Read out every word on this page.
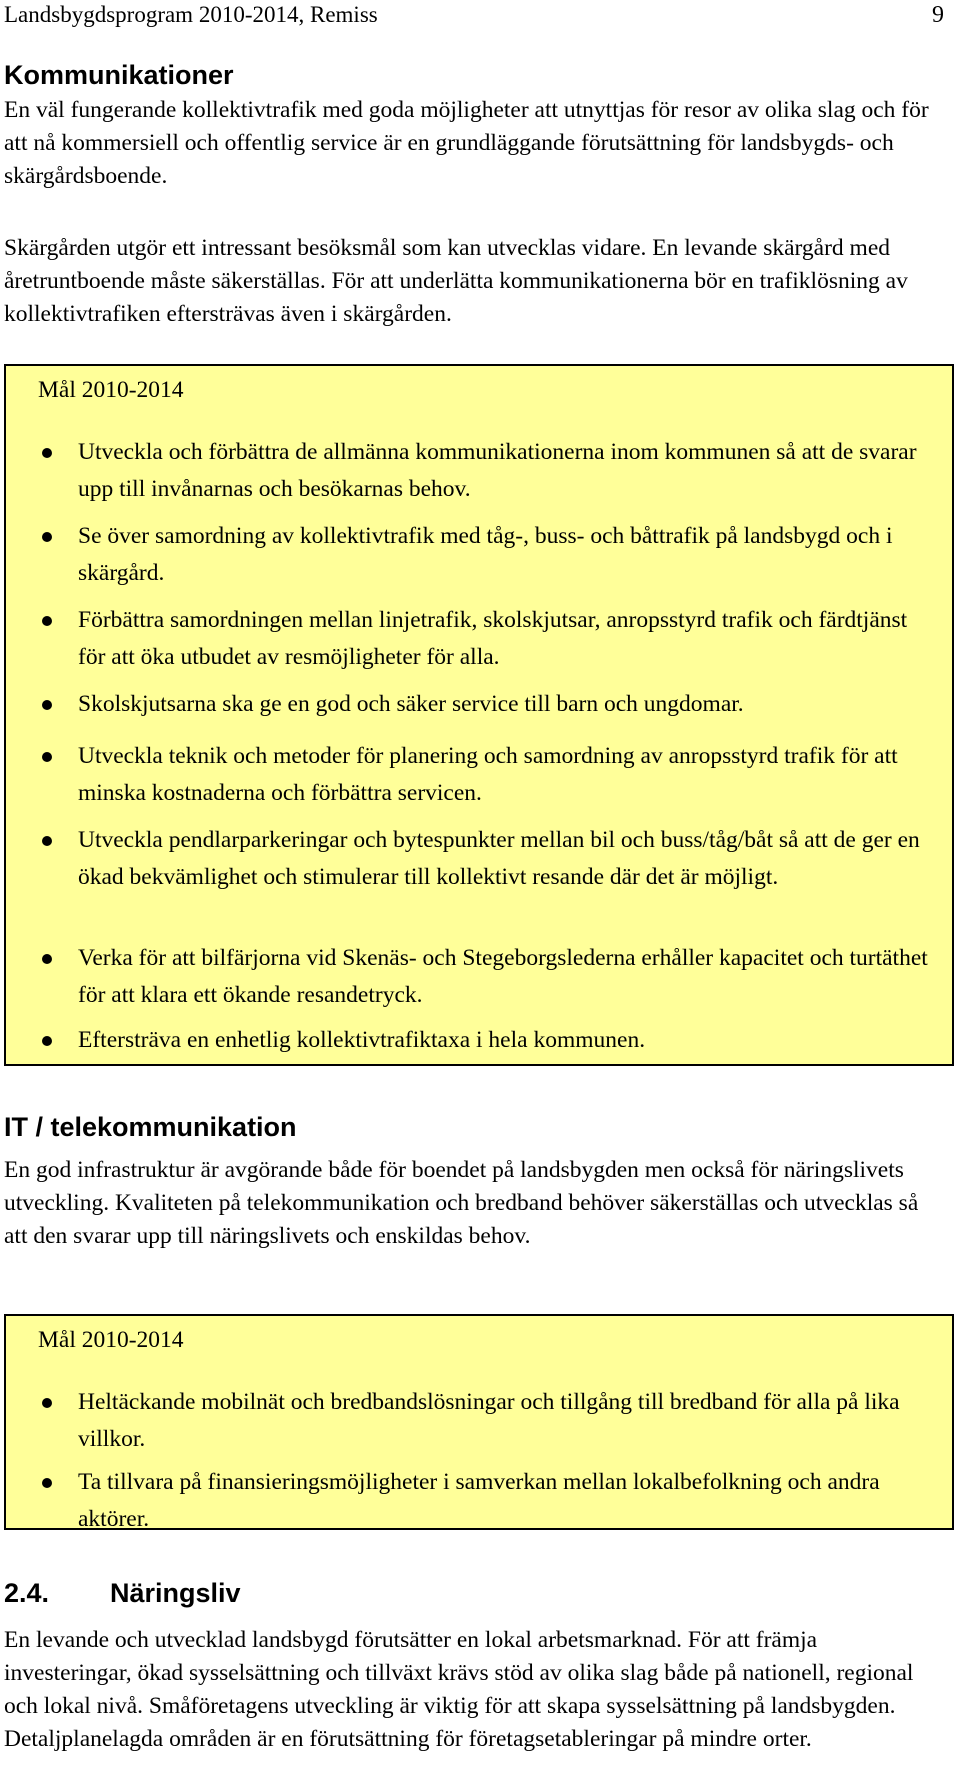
Landsbygdsprogram 2010-2014, Remiss	9
Kommunikationer

En väl fungerande kollektivtrafik med goda möjligheter att utnyttjas för resor av olika slag och för att nå kommersiell och offentlig service är en grundläggande förutsättning för landsbygds- och skärgårdsboende.

Skärgården utgör ett intressant besöksmål som kan utvecklas vidare. En levande skärgård med åretruntboende måste säkerställas. För att underlätta kommunikationerna bör en trafiklösning av kollektivtrafiken eftersträvas även i skärgården.

Mål 2010-2014
Utveckla och förbättra de allmänna kommunikationerna inom kommunen så att de svarar upp till invånarnas och besökarnas behov.
Se över samordning av kollektivtrafik med tåg-, buss- och båttrafik på landsbygd och i skärgård.
Förbättra samordningen mellan linjetrafik, skolskjutsar, anropsstyrd trafik och färdtjänst för att öka utbudet av resmöjligheter för alla.
Skolskjutsarna ska ge en god och säker service till barn och ungdomar.
Utveckla teknik och metoder för planering och samordning av anropsstyrd trafik för att minska kostnaderna och förbättra servicen.
Utveckla pendlarparkeringar och bytespunkter mellan bil och buss/tåg/båt så att de ger en ökad bekvämlighet och stimulerar till kollektivt resande där det är möjligt.
Verka för att bilfärjorna vid Skenäs- och Stegeborgslederna erhåller kapacitet och turtäthet för att klara ett ökande resandetryck.
Eftersträva en enhetlig kollektivtrafiktaxa i hela kommunen.
IT / telekommunikation

En god infrastruktur är avgörande både för boendet på landsbygden men också för näringslivets utveckling. Kvaliteten på telekommunikation och bredband behöver säkerställas och utvecklas så att den svarar upp till näringslivets och enskildas behov.

Mål 2010-2014
Heltäckande mobilnät och bredbandslösningar och tillgång till bredband för alla på lika villkor.
Ta tillvara på finansieringsmöjligheter i samverkan mellan lokalbefolkning och andra aktörer.
2.4. Näringsliv

En levande och utvecklad landsbygd förutsätter en lokal arbetsmarknad. För att främja investeringar, ökad sysselsättning och tillväxt krävs stöd av olika slag både på nationell, regional och lokal nivå. Småföretagens utveckling är viktig för att skapa sysselsättning på landsbygden. Detaljplanelagda områden är en förutsättning för företagsetableringar på mindre orter.
